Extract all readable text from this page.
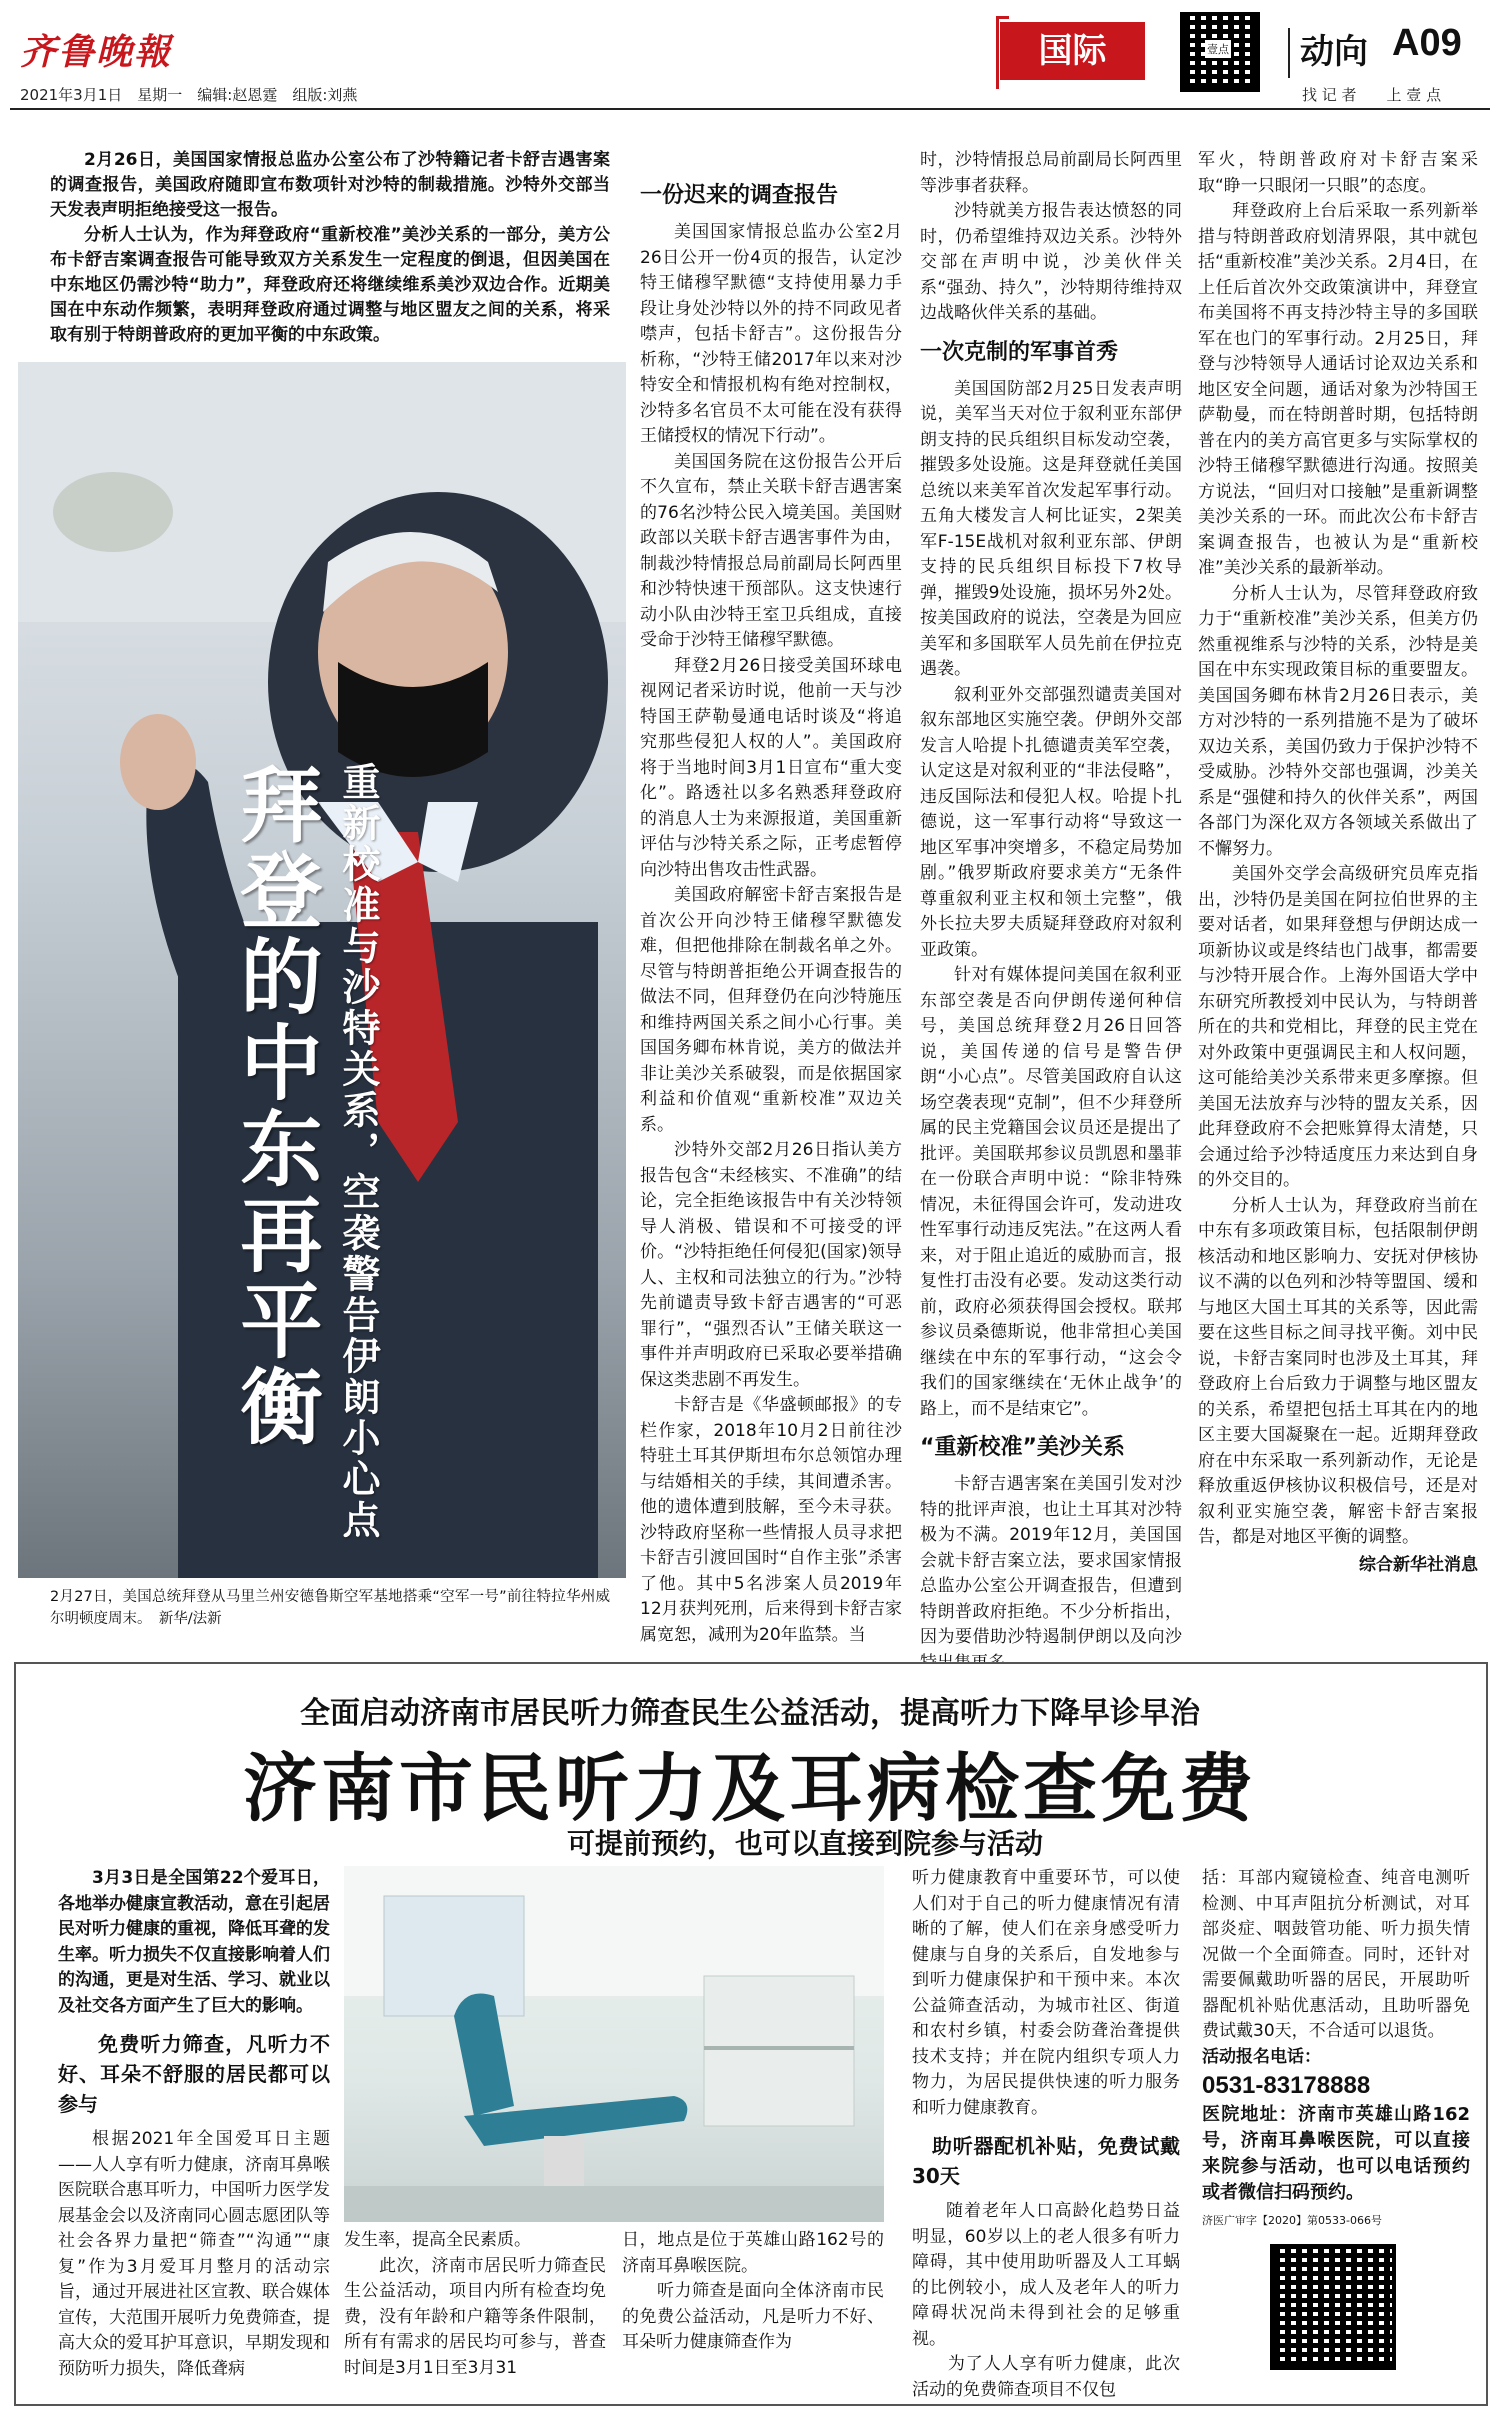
齐鲁晚報
2021年3月1日　星期一　编辑:赵恩霆　组版:刘燕
国际	壹点 动向 A09
找 记 者　　上 壹 点

2月26日，美国国家情报总监办公室公布了沙特籍记者卡舒吉遇害案的调查报告，美国政府随即宣布数项针对沙特的制裁措施。沙特外交部当天发表声明拒绝接受这一报告。

分析人士认为，作为拜登政府“重新校准”美沙关系的一部分，美方公布卡舒吉案调查报告可能导致双方关系发生一定程度的倒退，但因美国在中东地区仍需沙特“助力”，拜登政府还将继续维系美沙双边合作。近期美国在中东动作频繁，表明拜登政府通过调整与地区盟友之间的关系，将采取有别于特朗普政府的更加平衡的中东政策。

拜登的中东再平衡 重新校准与沙特关系，空袭警告伊朗小心点
2月27日，美国总统拜登从马里兰州安德鲁斯空军基地搭乘“空军一号”前往特拉华州威尔明顿度周末。　新华/法新
一份迟来的调查报告

美国国家情报总监办公室2月26日公开一份4页的报告，认定沙特王储穆罕默德“支持使用暴力手段让身处沙特以外的持不同政见者噤声，包括卡舒吉”。这份报告分析称，“沙特王储2017年以来对沙特安全和情报机构有绝对控制权，沙特多名官员不太可能在没有获得王储授权的情况下行动”。

美国国务院在这份报告公开后不久宣布，禁止关联卡舒吉遇害案的76名沙特公民入境美国。美国财政部以关联卡舒吉遇害事件为由，制裁沙特情报总局前副局长阿西里和沙特快速干预部队。这支快速行动小队由沙特王室卫兵组成，直接受命于沙特王储穆罕默德。

拜登2月26日接受美国环球电视网记者采访时说，他前一天与沙特国王萨勒曼通电话时谈及“将追究那些侵犯人权的人”。美国政府将于当地时间3月1日宣布“重大变化”。路透社以多名熟悉拜登政府的消息人士为来源报道，美国重新评估与沙特关系之际，正考虑暂停向沙特出售攻击性武器。

美国政府解密卡舒吉案报告是首次公开向沙特王储穆罕默德发难，但把他排除在制裁名单之外。尽管与特朗普拒绝公开调查报告的做法不同，但拜登仍在向沙特施压和维持两国关系之间小心行事。美国国务卿布林肯说，美方的做法并非让美沙关系破裂，而是依据国家利益和价值观“重新校准”双边关系。

沙特外交部2月26日指认美方报告包含“未经核实、不准确”的结论，完全拒绝该报告中有关沙特领导人消极、错误和不可接受的评价。“沙特拒绝任何侵犯(国家)领导人、主权和司法独立的行为。”沙特先前谴责导致卡舒吉遇害的“可恶罪行”，“强烈否认”王储关联这一事件并声明政府已采取必要举措确保这类悲剧不再发生。

卡舒吉是《华盛顿邮报》的专栏作家，2018年10月2日前往沙特驻土耳其伊斯坦布尔总领馆办理与结婚相关的手续，其间遭杀害。他的遗体遭到肢解，至今未寻获。沙特政府坚称一些情报人员寻求把卡舒吉引渡回国时“自作主张”杀害了他。其中5名涉案人员2019年12月获判死刑，后来得到卡舒吉家属宽恕，减刑为20年监禁。当

时，沙特情报总局前副局长阿西里等涉事者获释。

沙特就美方报告表达愤怒的同时，仍希望维持双边关系。沙特外交部在声明中说，沙美伙伴关系“强劲、持久”，沙特期待维持双边战略伙伴关系的基础。

一次克制的军事首秀

美国国防部2月25日发表声明说，美军当天对位于叙利亚东部伊朗支持的民兵组织目标发动空袭，摧毁多处设施。这是拜登就任美国总统以来美军首次发起军事行动。五角大楼发言人柯比证实，2架美军F-15E战机对叙利亚东部、伊朗支持的民兵组织目标投下7枚导弹，摧毁9处设施，损坏另外2处。按美国政府的说法，空袭是为回应美军和多国联军人员先前在伊拉克遇袭。

叙利亚外交部强烈谴责美国对叙东部地区实施空袭。伊朗外交部发言人哈提卜扎德谴责美军空袭，认定这是对叙利亚的“非法侵略”，违反国际法和侵犯人权。哈提卜扎德说，这一军事行动将“导致这一地区军事冲突增多，不稳定局势加剧。”俄罗斯政府要求美方“无条件尊重叙利亚主权和领土完整”，俄外长拉夫罗夫质疑拜登政府对叙利亚政策。

针对有媒体提问美国在叙利亚东部空袭是否向伊朗传递何种信号，美国总统拜登2月26日回答说，美国传递的信号是警告伊朗“小心点”。尽管美国政府自认这场空袭表现“克制”，但不少拜登所属的民主党籍国会议员还是提出了批评。美国联邦参议员凯恩和墨菲在一份联合声明中说：“除非特殊情况，未征得国会许可，发动进攻性军事行动违反宪法。”在这两人看来，对于阻止追近的威胁而言，报复性打击没有必要。发动这类行动前，政府必须获得国会授权。联邦参议员桑德斯说，他非常担心美国继续在中东的军事行动，“这会令我们的国家继续在‘无休止战争’的路上，而不是结束它”。

“重新校准”美沙关系

卡舒吉遇害案在美国引发对沙特的批评声浪，也让土耳其对沙特极为不满。2019年12月，美国国会就卡舒吉案立法，要求国家情报总监办公室公开调查报告，但遭到特朗普政府拒绝。不少分析指出，因为要借助沙特遏制伊朗以及向沙

军火，特朗普政府对卡舒吉案采取“睁一只眼闭一只眼”的态度。

拜登政府上台后采取一系列新举措与特朗普政府划清界限，其中就包括“重新校准”美沙关系。2月4日，在上任后首次外交政策演讲中，拜登宣布美国将不再支持沙特主导的多国联军在也门的军事行动。2月25日，拜登与沙特领导人通话讨论双边关系和地区安全问题，通话对象为沙特国王萨勒曼，而在特朗普时期，包括特朗普在内的美方高官更多与实际掌权的沙特王储穆罕默德进行沟通。按照美方说法，“回归对口接触”是重新调整美沙关系的一环。而此次公布卡舒吉案调查报告，也被认为是“重新校准”美沙关系的最新举动。

分析人士认为，尽管拜登政府致力于“重新校准”美沙关系，但美方仍然重视维系与沙特的关系，沙特是美国在中东实现政策目标的重要盟友。美国国务卿布林肯2月26日表示，美方对沙特的一系列措施不是为了破坏双边关系，美国仍致力于保护沙特不受威胁。沙特外交部也强调，沙美关系是“强健和持久的伙伴关系”，两国各部门为深化双方各领域关系做出了不懈努力。

美国外交学会高级研究员库克指出，沙特仍是美国在阿拉伯世界的主要对话者，如果拜登想与伊朗达成一项新协议或是终结也门战事，都需要与沙特开展合作。上海外国语大学中东研究所教授刘中民认为，与特朗普所在的共和党相比，拜登的民主党在对外政策中更强调民主和人权问题，这可能给美沙关系带来更多摩擦。但美国无法放弃与沙特的盟友关系，因此拜登政府不会把账算得太清楚，只会通过给予沙特适度压力来达到自身的外交目的。

分析人士认为，拜登政府当前在中东有多项政策目标，包括限制伊朗核活动和地区影响力、安抚对伊核协议不满的以色列和沙特等盟国、缓和与地区大国土耳其的关系等，因此需要在这些目标之间寻找平衡。刘中民说，卡舒吉案同时也涉及土耳其，拜登政府上台后致力于调整与地区盟友的关系，希望把包括土耳其在内的地区主要大国凝聚在一起。近期拜登政府在中东采取一系列新动作，无论是释放重返伊核协议积极信号，还是对叙利亚实施空袭，解密卡舒吉案报告，都是对地区平衡的调整。

综合新华社消息
全面启动济南市居民听力筛查民生公益活动，提高听力下降早诊早治
济南市民听力及耳病检查免费
可提前预约，也可以直接到院参与活动

3月3日是全国第22个爱耳日，各地举办健康宣教活动，意在引起居民对听力健康的重视，降低耳聋的发生率。听力损失不仅直接影响着人们的沟通，更是对生活、学习、就业以及社交各方面产生了巨大的影响。

免费听力筛查，凡听力不好、耳朵不舒服的居民都可以参与

根据2021年全国爱耳日主题——人人享有听力健康，济南耳鼻喉医院联合惠耳听力，中国听力医学发展基金会以及济南同心圆志愿团队等社会各界力量把“筛查”“沟通”“康复”作为3月爱耳月整月的活动宗旨，通过开展进社区宣教、联合媒体宣传，大范围开展听力免费筛查，提高大众的爱耳护耳意识，早期发现和预防听力损失，降低聋病

发生率，提高全民素质。
　　此次，济南市居民听力筛查民生公益活动，项目内所有检查均免费，没有年龄和户籍等条件限制，所有有需求的居民均可参与，普查时间是3月1日至3月31
日，地点是位于英雄山路162号的济南耳鼻喉医院。
　　听力筛查是面向全体济南市民的免费公益活动，凡是听力不好、耳朵听力健康筛查作为

听力健康教育中重要环节，可以使人们对于自己的听力健康情况有清晰的了解，使人们在亲身感受听力健康与自身的关系后，自发地参与到听力健康保护和干预中来。本次公益筛查活动，为城市社区、街道和农村乡镇，村委会防聋治聋提供技术支持；并在院内组织专项人力物力，为居民提供快速的听力服务和听力健康教育。

助听器配机补贴，免费试戴30天

随着老年人口高龄化趋势日益明显，60岁以上的老人很多有听力障碍，其中使用助听器及人工耳蜗的比例较小，成人及老年人的听力障碍状况尚未得到社会的足够重视。
　　为了人人享有听力健康，此次活动的免费筛查项目不仅包

括：耳部内窥镜检查、纯音电测听检测、中耳声阻抗分析测试，对耳部炎症、咽鼓管功能、听力损失情况做一个全面筛查。同时，还针对需要佩戴助听器的居民，开展助听器配机补贴优惠活动，且助听器免费试戴30天，不合适可以退货。

活动报名电话：
0531-83178888
医院地址：济南市英雄山路162号，济南耳鼻喉医院，可以直接来院参与活动，也可以电话预约或者微信扫码预约。
济医广审字【2020】第0533-066号
